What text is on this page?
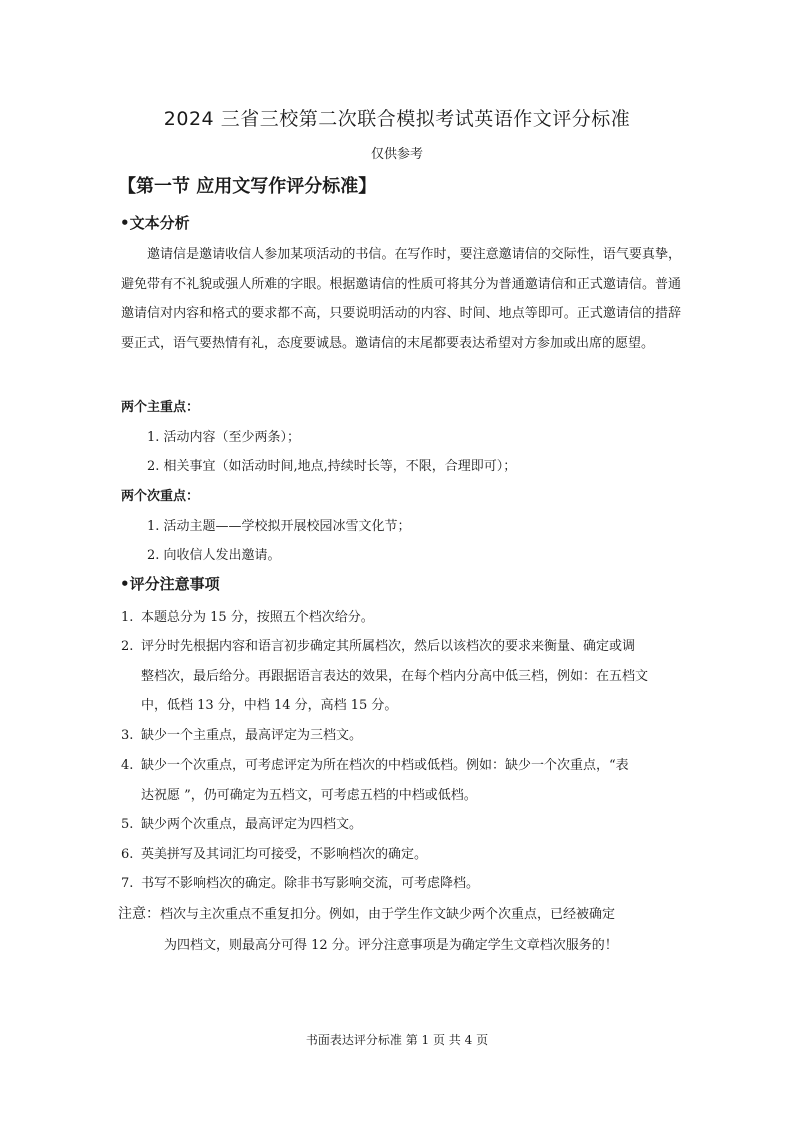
2024 三省三校第二次联合模拟考试英语作文评分标准
仅供参考
【第一节 应用文写作评分标准】
•文本分析
邀请信是邀请收信人参加某项活动的书信。在写作时，要注意邀请信的交际性，语气要真挚，避免带有不礼貌或强人所难的字眼。根据邀请信的性质可将其分为普通邀请信和正式邀请信。普通邀请信对内容和格式的要求都不高，只要说明活动的内容、时间、地点等即可。正式邀请信的措辞要正式，语气要热情有礼，态度要诚恳。邀请信的末尾都要表达希望对方参加或出席的愿望。
两个主重点：
1. 活动内容（至少两条）；
2. 相关事宜（如活动时间,地点,持续时长等，不限，合理即可）；
两个次重点：
1. 活动主题——学校拟开展校园冰雪文化节；
2. 向收信人发出邀请。
•评分注意事项
1. 本题总分为 15 分，按照五个档次给分。
2. 评分时先根据内容和语言初步确定其所属档次，然后以该档次的要求来衡量、确定或调
整档次，最后给分。再跟据语言表达的效果，在每个档内分高中低三档，例如：在五档文
中，低档 13 分，中档 14 分，高档 15 分。
3. 缺少一个主重点，最高评定为三档文。
4. 缺少一个次重点，可考虑评定为所在档次的中档或低档。例如：缺少一个次重点，“表
达祝愿 ”，仍可确定为五档文，可考虑五档的中档或低档。
5. 缺少两个次重点，最高评定为四档文。
6. 英美拼写及其词汇均可接受，不影响档次的确定。
7. 书写不影响档次的确定。除非书写影响交流，可考虑降档。
注意：档次与主次重点不重复扣分。例如，由于学生作文缺少两个次重点，已经被确定
为四档文，则最高分可得 12 分。评分注意事项是为确定学生文章档次服务的！
书面表达评分标准 第 1 页 共 4 页
